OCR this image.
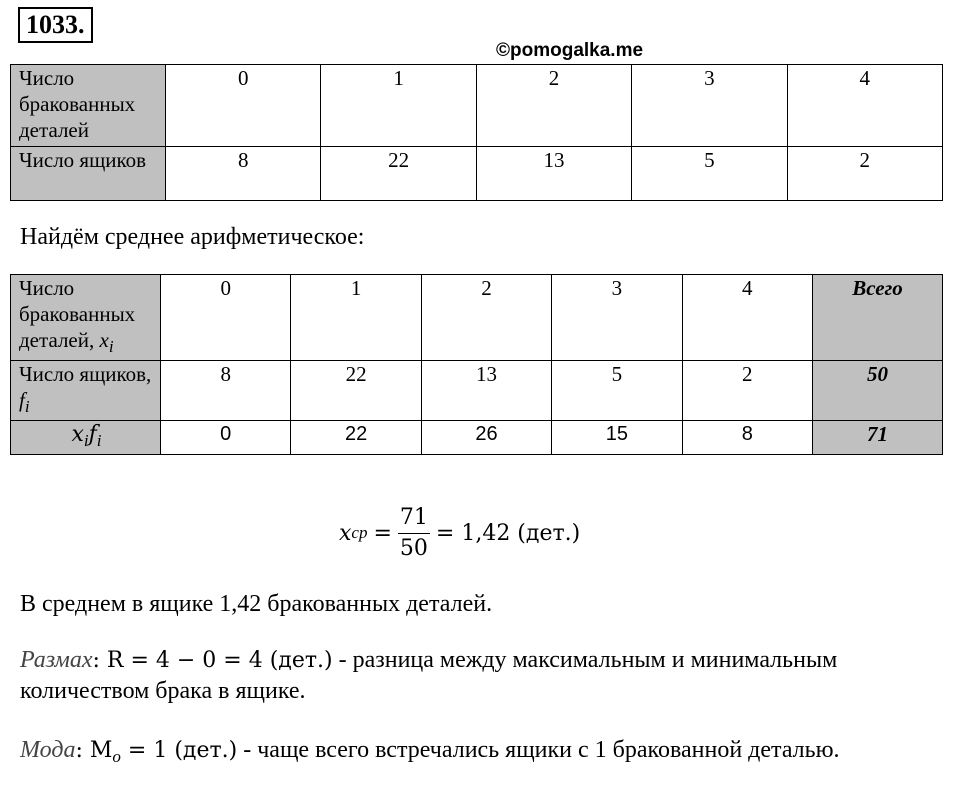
1033.
©pomogalka.me
Число бракованных деталей	0	1	2	3	4
Число ящиков	8	22	13	5	2
Найдём среднее арифметическое:
Число бракованных деталей, $x_i$	0	1	2	3	4	Всего
Число ящиков, $f_i$	8	22	13	5	2	50
$x_if_i$	0	22	26	15	8	71
x cp = $\frac{71}{50} = 1,42$ (дет.)
В среднем в ящике 1,42 бракованных деталей.
Размах: R = 4 − 0 = 4 (дет.) - разница между максимальным и минимальным количеством брака в ящике.
Мода: $M_o = 1$ (дет.) - чаще всего встречались ящики с 1 бракованной деталью.
